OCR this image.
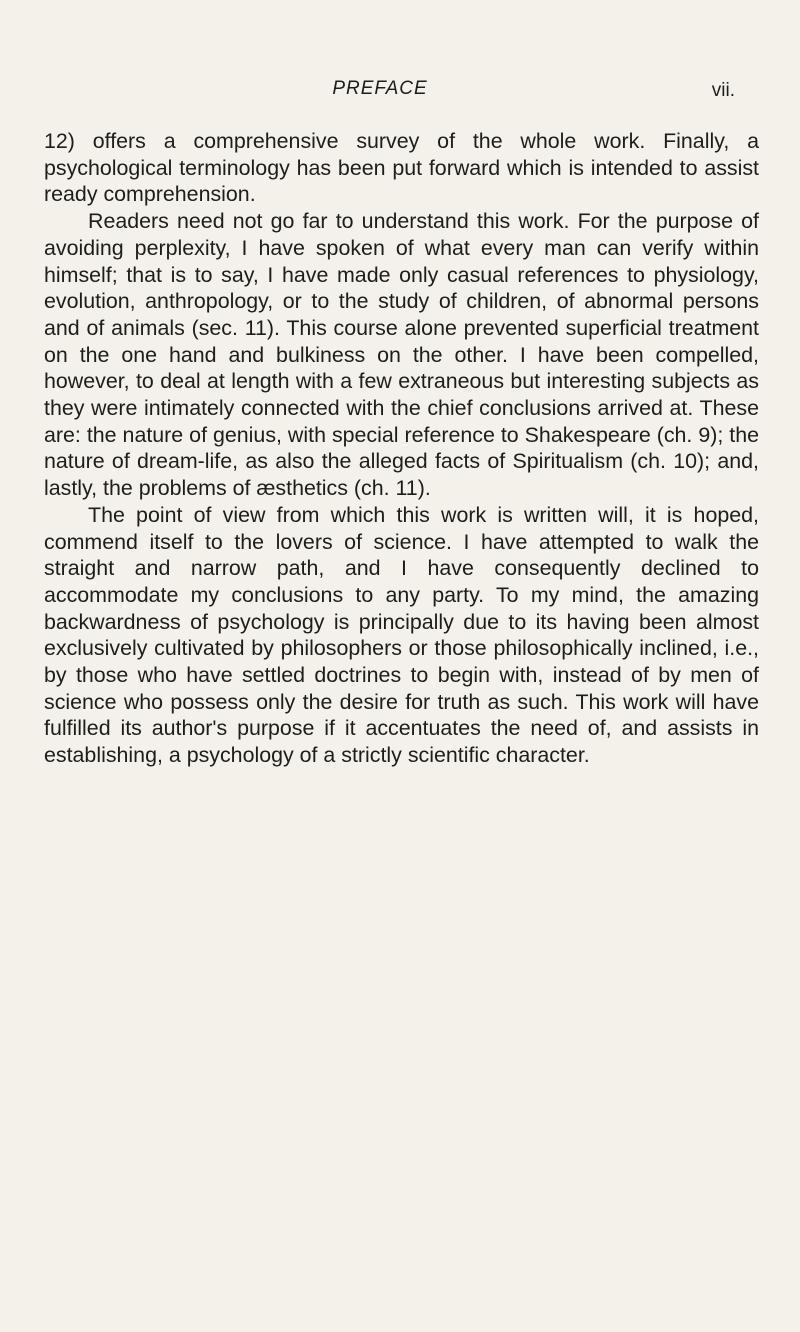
PREFACE	vii.

12) offers a comprehensive survey of the whole work. Finally, a psychological terminology has been put forward which is intended to assist ready comprehension.

Readers need not go far to understand this work. For the purpose of avoiding perplexity, I have spoken of what every man can verify within himself; that is to say, I have made only casual references to physiology, evolution, anthropology, or to the study of children, of abnormal persons and of animals (sec. 11). This course alone prevented superficial treatment on the one hand and bulkiness on the other. I have been compelled, however, to deal at length with a few extraneous but interesting subjects as they were intimately connected with the chief conclusions arrived at. These are: the nature of genius, with special reference to Shakespeare (ch. 9); the nature of dream-life, as also the alleged facts of Spiritualism (ch. 10); and, lastly, the problems of æsthetics (ch. 11).

The point of view from which this work is written will, it is hoped, commend itself to the lovers of science. I have attempted to walk the straight and narrow path, and I have consequently declined to accommodate my conclusions to any party. To my mind, the amazing backwardness of psychology is principally due to its having been almost exclusively cultivated by philosophers or those philosophically inclined, i.e., by those who have settled doctrines to begin with, instead of by men of science who possess only the desire for truth as such. This work will have fulfilled its author's purpose if it accentuates the need of, and assists in establishing, a psychology of a strictly scientific character.
